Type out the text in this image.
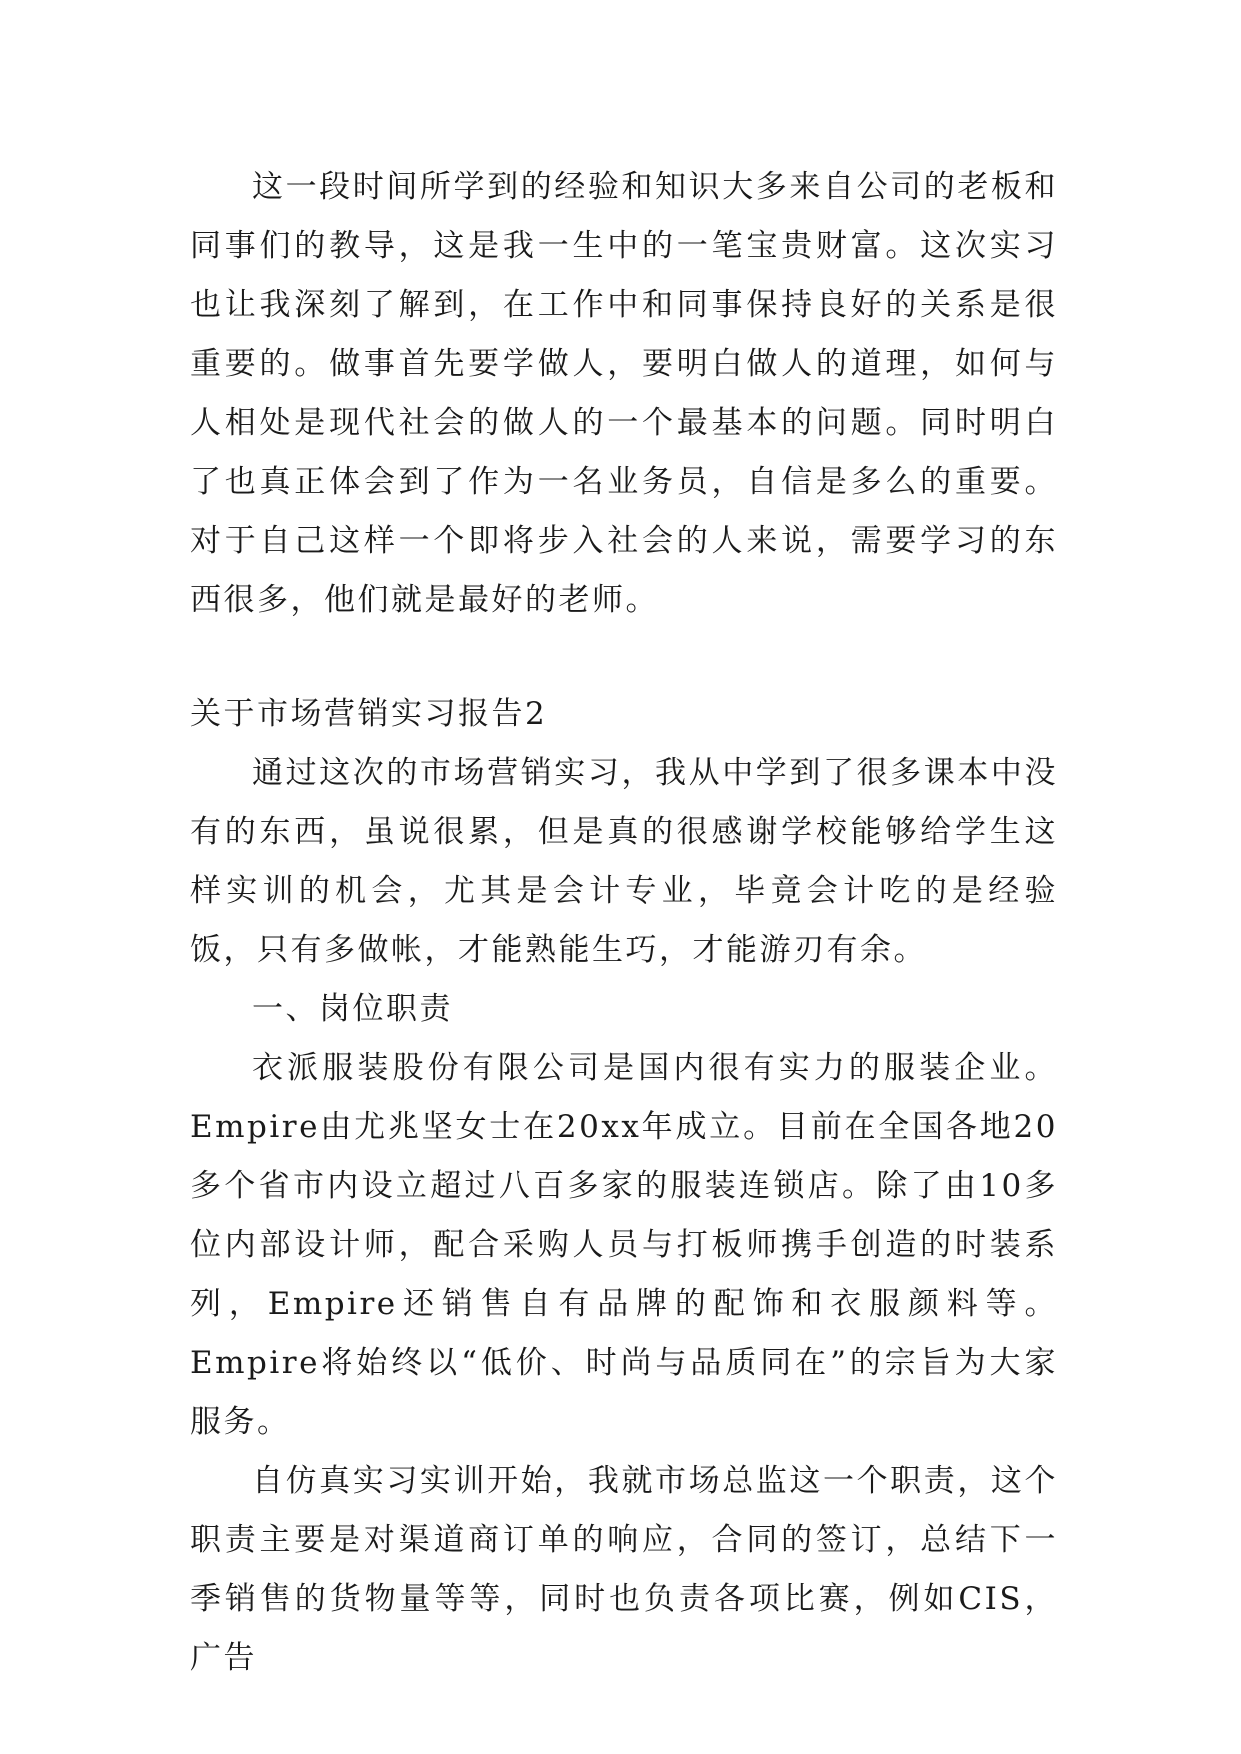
这一段时间所学到的经验和知识大多来自公司的老板和同事们的教导，这是我一生中的一笔宝贵财富。这次实习也让我深刻了解到，在工作中和同事保持良好的关系是很重要的。做事首先要学做人，要明白做人的道理，如何与人相处是现代社会的做人的一个最基本的问题。同时明白了也真正体会到了作为一名业务员，自信是多么的重要。对于自己这样一个即将步入社会的人来说，需要学习的东西很多，他们就是最好的老师。

关于市场营销实习报告2

通过这次的市场营销实习，我从中学到了很多课本中没有的东西，虽说很累，但是真的很感谢学校能够给学生这样实训的机会，尤其是会计专业，毕竟会计吃的是经验饭，只有多做帐，才能熟能生巧，才能游刃有余。

一、岗位职责

衣派服装股份有限公司是国内很有实力的服装企业。Empire由尤兆坚女士在20xx年成立。目前在全国各地20多个省市内设立超过八百多家的服装连锁店。除了由10多位内部设计师，配合采购人员与打板师携手创造的时装系列，Empire还销售自有品牌的配饰和衣服颜料等。Empire将始终以“低价、时尚与品质同在”的宗旨为大家服务。

自仿真实习实训开始，我就市场总监这一个职责，这个职责主要是对渠道商订单的响应，合同的签订，总结下一季销售的货物量等等，同时也负责各项比赛，例如CIS，广告
